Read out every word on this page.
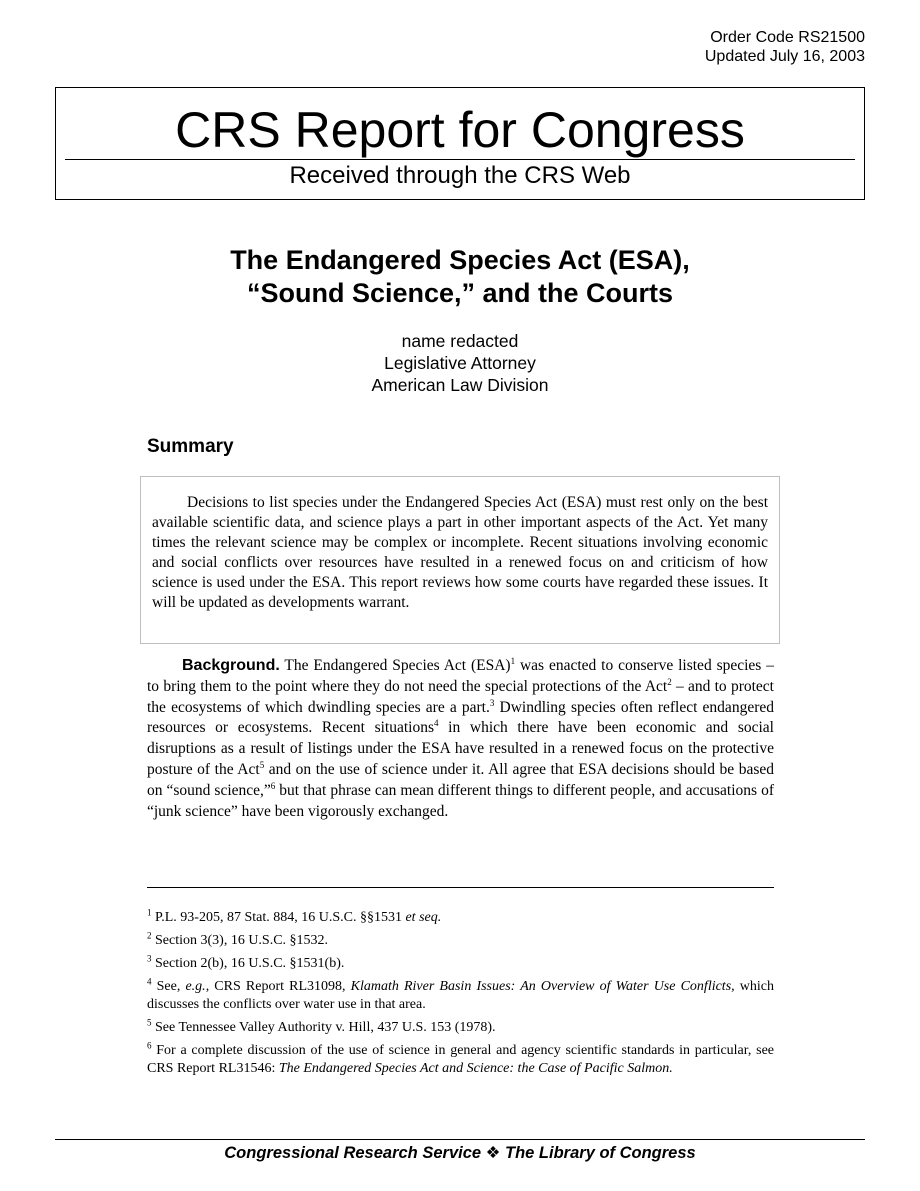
Order Code RS21500
Updated July 16, 2003
CRS Report for Congress
Received through the CRS Web
The Endangered Species Act (ESA),
“Sound Science,” and the Courts
name redacted
Legislative Attorney
American Law Division
Summary

Decisions to list species under the Endangered Species Act (ESA) must rest only on the best available scientific data, and science plays a part in other important aspects of the Act. Yet many times the relevant science may be complex or incomplete. Recent situations involving economic and social conflicts over resources have resulted in a renewed focus on and criticism of how science is used under the ESA. This report reviews how some courts have regarded these issues. It will be updated as developments warrant.

Background. The Endangered Species Act (ESA)$^1$ was enacted to conserve listed species – to bring them to the point where they do not need the special protections of the Act$^2$ – and to protect the ecosystems of which dwindling species are a part.$^3$ Dwindling species often reflect endangered resources or ecosystems. Recent situations$^4$ in which there have been economic and social disruptions as a result of listings under the ESA have resulted in a renewed focus on the protective posture of the Act$^5$ and on the use of science under it. All agree that ESA decisions should be based on “sound science,”$^6$ but that phrase can mean different things to different people, and accusations of “junk science” have been vigorously exchanged.

$^1$ P.L. 93-205, 87 Stat. 884, 16 U.S.C. §§1531 et seq.

$^2$ Section 3(3), 16 U.S.C. §1532.

$^3$ Section 2(b), 16 U.S.C. §1531(b).

$^4$ See, e.g., CRS Report RL31098, Klamath River Basin Issues: An Overview of Water Use Conflicts, which discusses the conflicts over water use in that area.

$^5$ See Tennessee Valley Authority v. Hill, 437 U.S. 153 (1978).

$^6$ For a complete discussion of the use of science in general and agency scientific standards in particular, see CRS Report RL31546: The Endangered Species Act and Science: the Case of Pacific Salmon.

Congressional Research Service ❖ The Library of Congress
